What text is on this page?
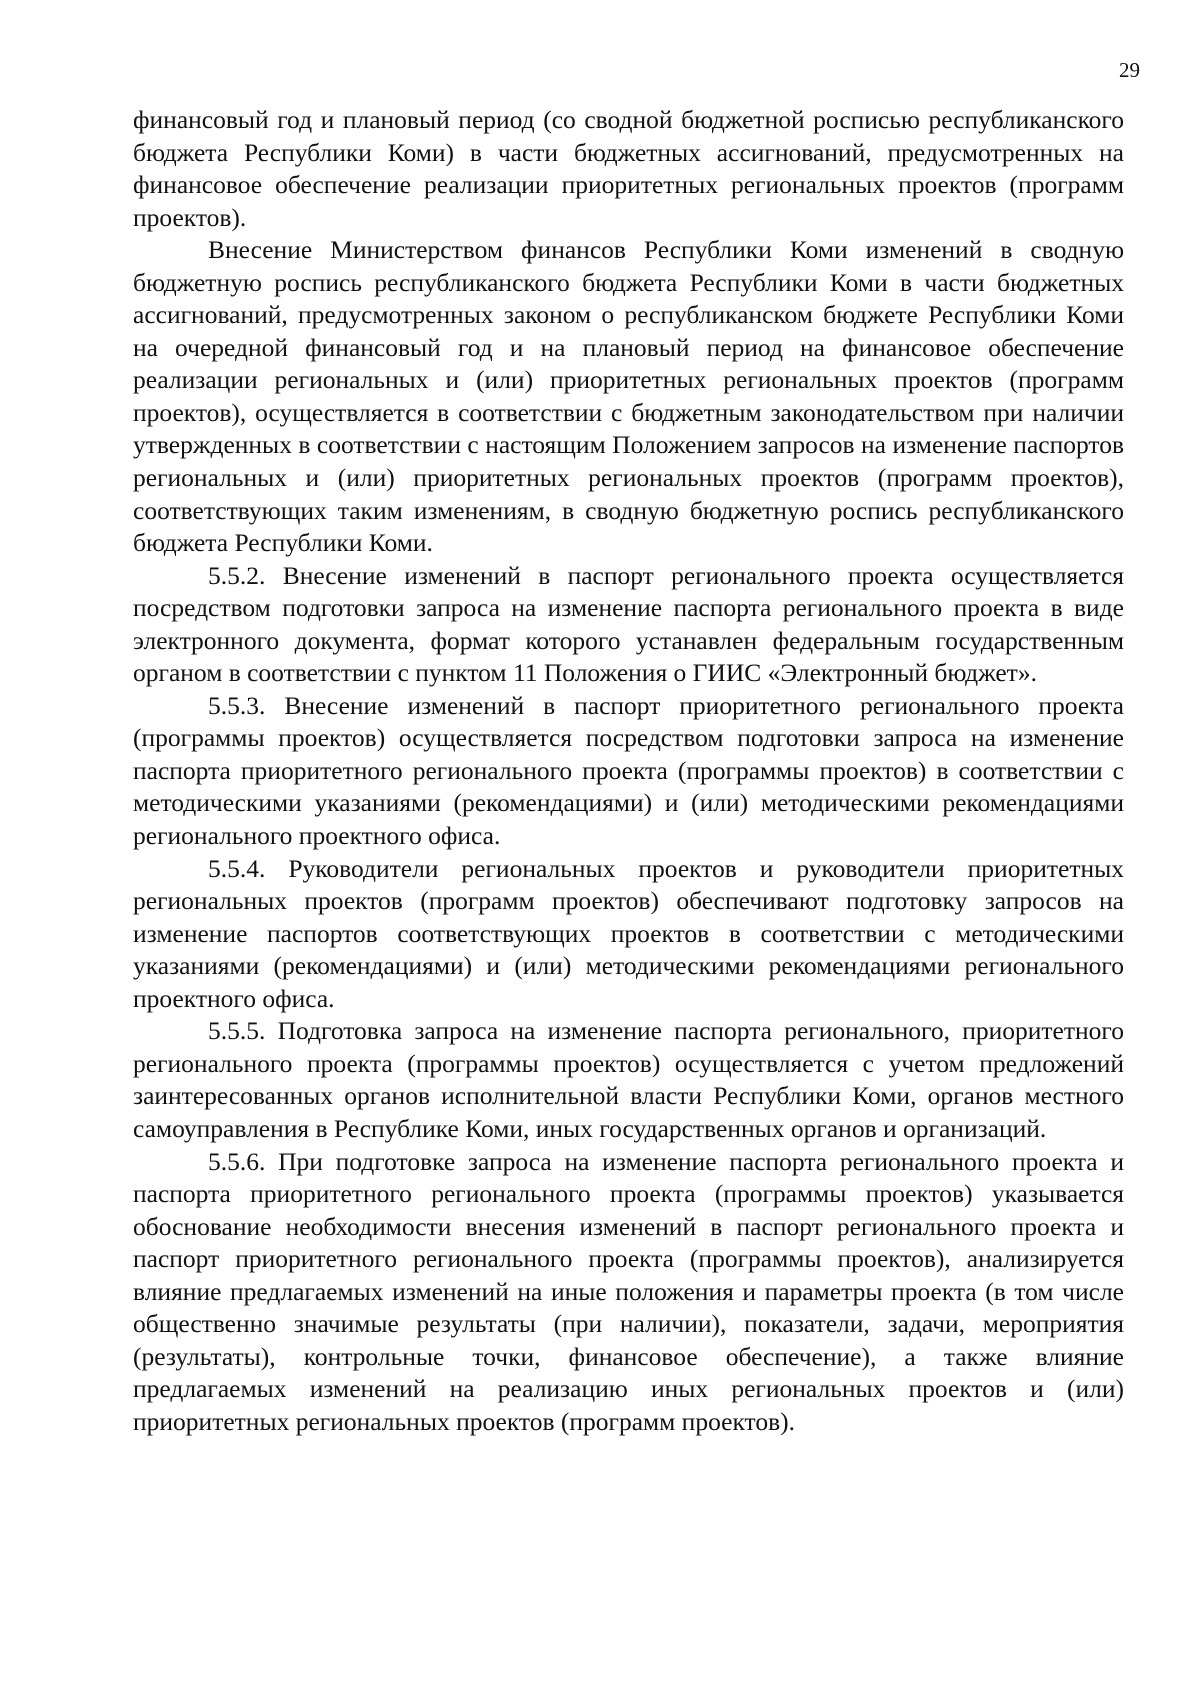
29

финансовый год и плановый период (со сводной бюджетной росписью республиканского бюджета Республики Коми) в части бюджетных ассигнований, предусмотренных на финансовое обеспечение реализации приоритетных региональных проектов (программ проектов).

Внесение Министерством финансов Республики Коми изменений в сводную бюджетную роспись республиканского бюджета Республики Коми в части бюджетных ассигнований, предусмотренных законом о республиканском бюджете Республики Коми на очередной финансовый год и на плановый период на финансовое обеспечение реализации региональных и (или) приоритетных региональных проектов (программ проектов), осуществляется в соответствии с бюджетным законодательством при наличии утвержденных в соответствии с настоящим Положением запросов на изменение паспортов региональных и (или) приоритетных региональных проектов (программ проектов), соответствующих таким изменениям, в сводную бюджетную роспись республиканского бюджета Республики Коми.

5.5.2. Внесение изменений в паспорт регионального проекта осуществляется посредством подготовки запроса на изменение паспорта регионального проекта в виде электронного документа, формат которого устанавлен федеральным государственным органом в соответствии с пунктом 11 Положения о ГИИС «Электронный бюджет».

5.5.3. Внесение изменений в паспорт приоритетного регионального проекта (программы проектов) осуществляется посредством подготовки запроса на изменение паспорта приоритетного регионального проекта (программы проектов) в соответствии с методическими указаниями (рекомендациями) и (или) методическими рекомендациями регионального проектного офиса.

5.5.4. Руководители региональных проектов и руководители приоритетных региональных проектов (программ проектов) обеспечивают подготовку запросов на изменение паспортов соответствующих проектов в соответствии с методическими указаниями (рекомендациями) и (или) методическими рекомендациями регионального проектного офиса.

5.5.5. Подготовка запроса на изменение паспорта регионального, приоритетного регионального проекта (программы проектов) осуществляется с учетом предложений заинтересованных органов исполнительной власти Республики Коми, органов местного самоуправления в Республике Коми, иных государственных органов и организаций.

5.5.6. При подготовке запроса на изменение паспорта регионального проекта и паспорта приоритетного регионального проекта (программы проектов) указывается обоснование необходимости внесения изменений в паспорт регионального проекта и паспорт приоритетного регионального проекта (программы проектов), анализируется влияние предлагаемых изменений на иные положения и параметры проекта (в том числе общественно значимые результаты (при наличии), показатели, задачи, мероприятия (результаты), контрольные точки, финансовое обеспечение), а также влияние предлагаемых изменений на реализацию иных региональных проектов и (или) приоритетных региональных проектов (программ проектов).
